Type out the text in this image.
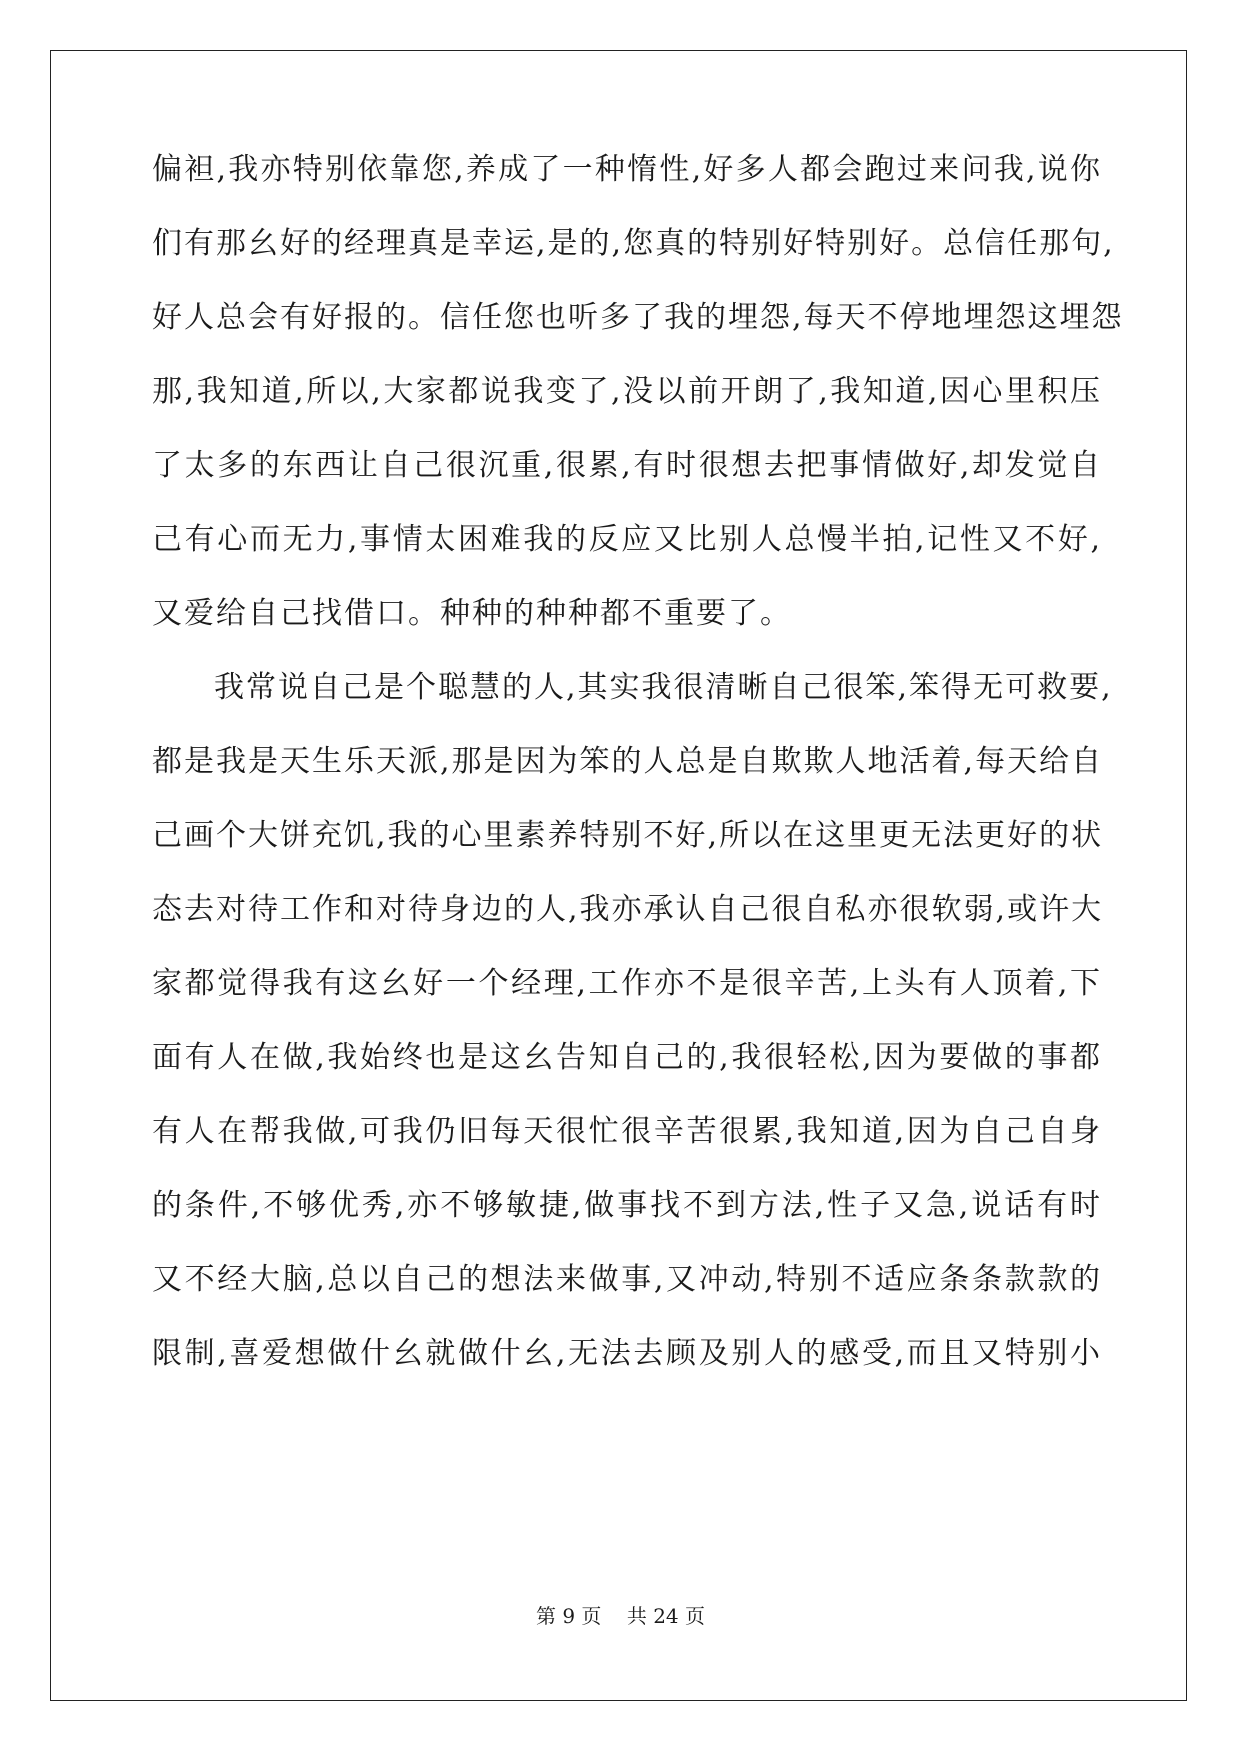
偏袒,我亦特别依靠您,养成了一种惰性,好多人都会跑过来问我,说你
们有那幺好的经理真是幸运,是的,您真的特别好特别好。总信任那句,
好人总会有好报的。信任您也听多了我的埋怨,每天不停地埋怨这埋怨
那,我知道,所以,大家都说我变了,没以前开朗了,我知道,因心里积压
了太多的东西让自己很沉重,很累,有时很想去把事情做好,却发觉自
己有心而无力,事情太困难我的反应又比别人总慢半拍,记性又不好,
又爱给自己找借口。种种的种种都不重要了。
我常说自己是个聪慧的人,其实我很清晰自己很笨,笨得无可救要,
都是我是天生乐天派,那是因为笨的人总是自欺欺人地活着,每天给自
己画个大饼充饥,我的心里素养特别不好,所以在这里更无法更好的状
态去对待工作和对待身边的人,我亦承认自己很自私亦很软弱,或许大
家都觉得我有这幺好一个经理,工作亦不是很辛苦,上头有人顶着,下
面有人在做,我始终也是这幺告知自己的,我很轻松,因为要做的事都
有人在帮我做,可我仍旧每天很忙很辛苦很累,我知道,因为自己自身
的条件,不够优秀,亦不够敏捷,做事找不到方法,性子又急,说话有时
又不经大脑,总以自己的想法来做事,又冲动,特别不适应条条款款的
限制,喜爱想做什幺就做什幺,无法去顾及别人的感受,而且又特别小
第 9 页    共 24 页
